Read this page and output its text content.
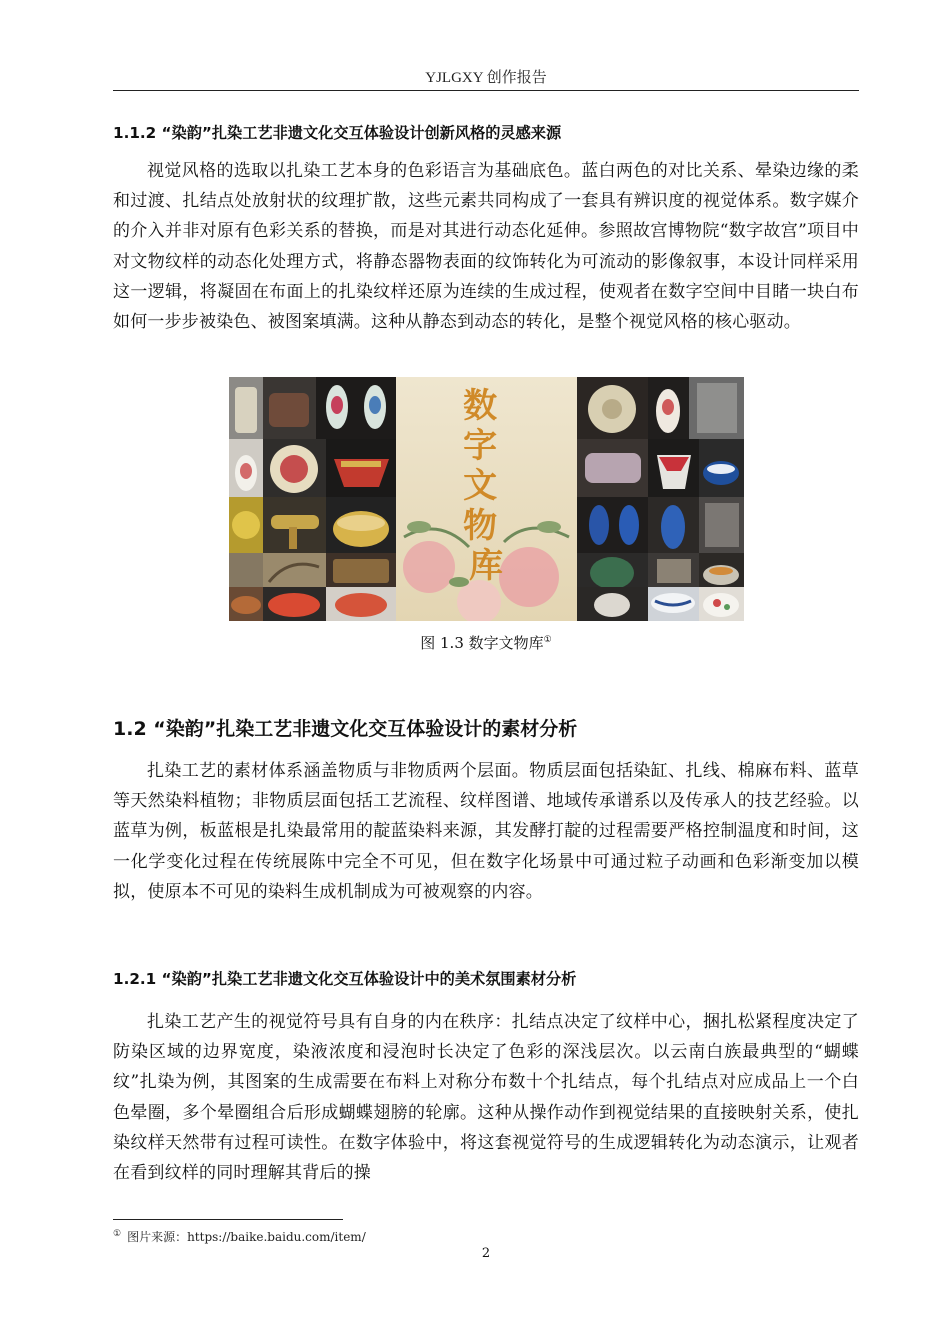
YJLGXY 创作报告
1.1.2 “染韵”扎染工艺非遗文化交互体验设计创新风格的灵感来源

视觉风格的选取以扎染工艺本身的色彩语言为基础底色。蓝白两色的对比关系、晕染边缘的柔和过渡、扎结点处放射状的纹理扩散，这些元素共同构成了一套具有辨识度的视觉体系。数字媒介的介入并非对原有色彩关系的替换，而是对其进行动态化延伸。参照故宫博物院“数字故宫”项目中对文物纹样的动态化处理方式，将静态器物表面的纹饰转化为可流动的影像叙事，本设计同样采用这一逻辑，将凝固在布面上的扎染纹样还原为连续的生成过程，使观者在数字空间中目睹一块白布如何一步步被染色、被图案填满。这种从静态到动态的转化，是整个视觉风格的核心驱动。

数 字 文 物 库
图 1.3 数字文物库①
1.2 “染韵”扎染工艺非遗文化交互体验设计的素材分析

扎染工艺的素材体系涵盖物质与非物质两个层面。物质层面包括染缸、扎线、棉麻布料、蓝草等天然染料植物；非物质层面包括工艺流程、纹样图谱、地域传承谱系以及传承人的技艺经验。以蓝草为例，板蓝根是扎染最常用的靛蓝染料来源，其发酵打靛的过程需要严格控制温度和时间，这一化学变化过程在传统展陈中完全不可见，但在数字化场景中可通过粒子动画和色彩渐变加以模拟，使原本不可见的染料生成机制成为可被观察的内容。

1.2.1 “染韵”扎染工艺非遗文化交互体验设计中的美术氛围素材分析

扎染工艺产生的视觉符号具有自身的内在秩序：扎结点决定了纹样中心，捆扎松紧程度决定了防染区域的边界宽度，染液浓度和浸泡时长决定了色彩的深浅层次。以云南白族最典型的“蝴蝶纹”扎染为例，其图案的生成需要在布料上对称分布数十个扎结点，每个扎结点对应成品上一个白色晕圈，多个晕圈组合后形成蝴蝶翅膀的轮廓。这种从操作动作到视觉结果的直接映射关系，使扎染纹样天然带有过程可读性。在数字体验中，将这套视觉符号的生成逻辑转化为动态演示，让观者在看到纹样的同时理解其背后的操

① 图片来源：https://baike.baidu.com/item/
2
